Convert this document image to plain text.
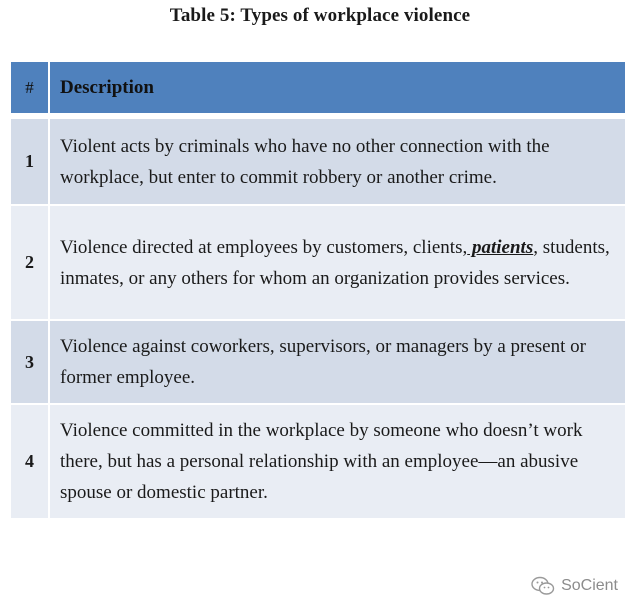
Table 5: Types of workplace violence
#	Description
1
Violent acts by criminals who have no other connection with the workplace, but enter to commit robbery or another crime.
2
Violence directed at employees by customers, clients, patients, students, inmates, or any others for whom an organization provides services.
3
Violence against coworkers, supervisors, or managers by a present or former employee.
4
Violence committed in the workplace by someone who doesn’t work there, but has a personal relationship with an employee—an abusive spouse or domestic partner.
SoCient
